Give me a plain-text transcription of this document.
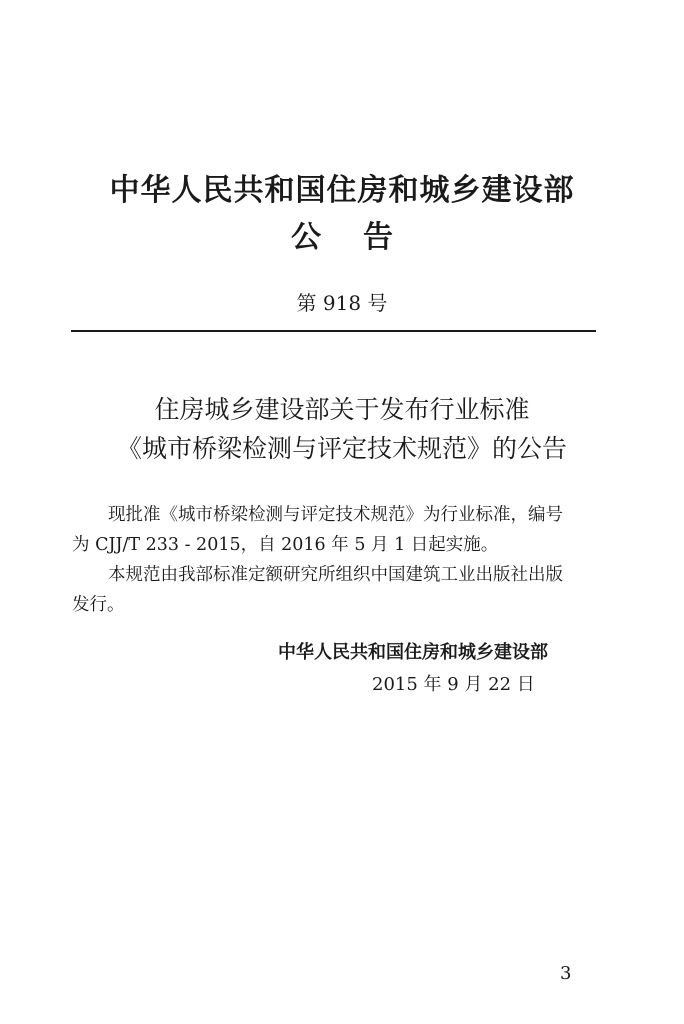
中华人民共和国住房和城乡建设部
公 告
第 918 号
住房城乡建设部关于发布行业标准
《城市桥梁检测与评定技术规范》的公告
现批准《城市桥梁检测与评定技术规范》为行业标准，编号
为 CJJ/T 233 - 2015，自 2016 年 5 月 1 日起实施。
本规范由我部标准定额研究所组织中国建筑工业出版社出版
发行。
中华人民共和国住房和城乡建设部
2015 年 9 月 22 日
3
